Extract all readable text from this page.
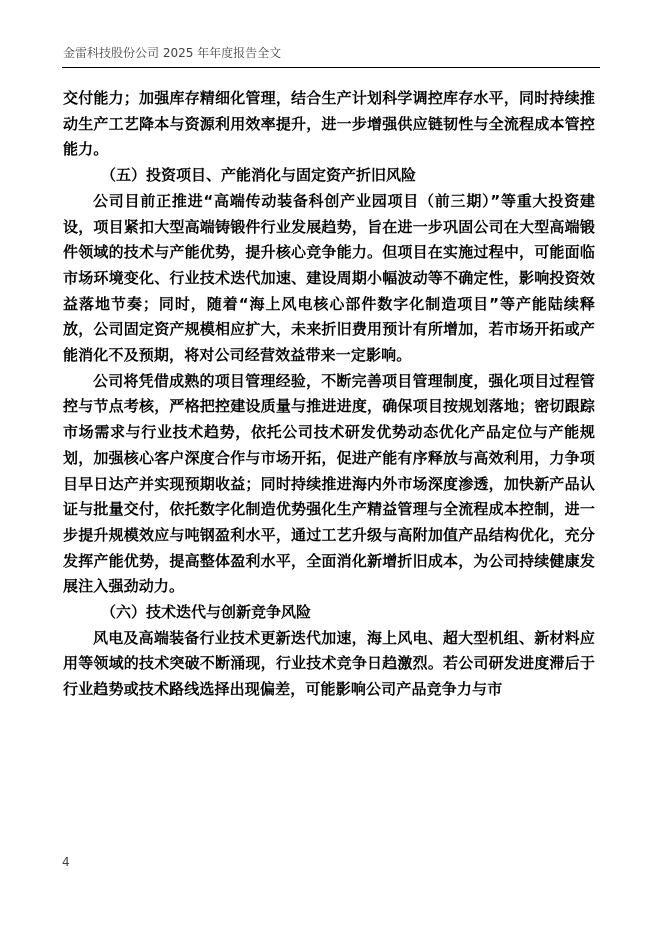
金雷科技股份公司 2025 年年度报告全文

交付能力；加强库存精细化管理，结合生产计划科学调控库存水平，同时持续推动生产工艺降本与资源利用效率提升，进一步增强供应链韧性与全流程成本管控能力。

（五）投资项目、产能消化与固定资产折旧风险

公司目前正推进“高端传动装备科创产业园项目（前三期）”等重大投资建设，项目紧扣大型高端铸锻件行业发展趋势，旨在进一步巩固公司在大型高端锻件领域的技术与产能优势，提升核心竞争能力。但项目在实施过程中，可能面临市场环境变化、行业技术迭代加速、建设周期小幅波动等不确定性，影响投资效益落地节奏；同时，随着“海上风电核心部件数字化制造项目”等产能陆续释放，公司固定资产规模相应扩大，未来折旧费用预计有所增加，若市场开拓或产能消化不及预期，将对公司经营效益带来一定影响。

公司将凭借成熟的项目管理经验，不断完善项目管理制度，强化项目过程管控与节点考核，严格把控建设质量与推进进度，确保项目按规划落地；密切跟踪市场需求与行业技术趋势，依托公司技术研发优势动态优化产品定位与产能规划，加强核心客户深度合作与市场开拓，促进产能有序释放与高效利用，力争项目早日达产并实现预期收益；同时持续推进海内外市场深度渗透，加快新产品认证与批量交付，依托数字化制造优势强化生产精益管理与全流程成本控制，进一步提升规模效应与吨钢盈利水平，通过工艺升级与高附加值产品结构优化，充分发挥产能优势，提高整体盈利水平，全面消化新增折旧成本，为公司持续健康发展注入强劲动力。

（六）技术迭代与创新竞争风险

风电及高端装备行业技术更新迭代加速，海上风电、超大型机组、新材料应用等领域的技术突破不断涌现，行业技术竞争日趋激烈。若公司研发进度滞后于行业趋势或技术路线选择出现偏差，可能影响公司产品竞争力与市

4
